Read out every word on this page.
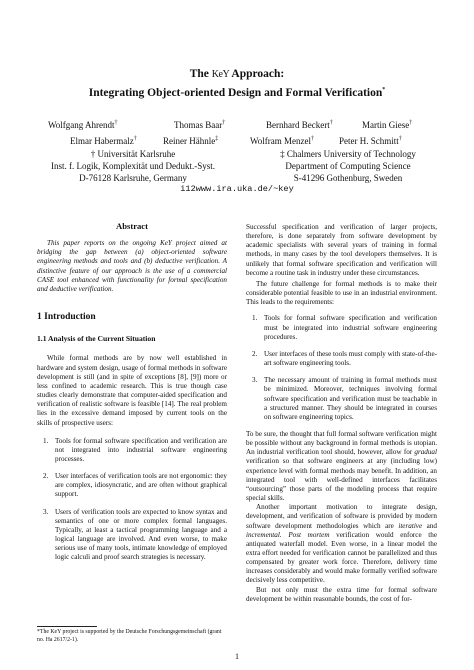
The KeY Approach:
Integrating Object-oriented Design and Formal Verification*
Wolfgang Ahrendt†	Thomas Baar†	Bernhard Beckert†	Martin Giese†
Elmar Habermalz†	Reiner Hähnle‡	Wolfram Menzel†	Peter H. Schmitt†
† Universität Karlsruhe
Inst. f. Logik, Komplexität und Dedukt.-Syst.
D-76128 Karlsruhe, Germany
‡ Chalmers University of Technology
Department of Computing Science
S-41296 Gothenburg, Sweden
i12www.ira.uka.de/~key
Abstract

This paper reports on the ongoing KeY project aimed at bridging the gap between (a) object-oriented software engineering methods and tools and (b) deductive verification. A distinctive feature of our approach is the use of a commercial CASE tool enhanced with functionality for formal specification and deductive verification.

1 Introduction
1.1 Analysis of the Current Situation

While formal methods are by now well established in hardware and system design, usage of formal methods in software development is still (and in spite of exceptions [8], [9]) more or less confined to academic research. This is true though case studies clearly demonstrate that computer-aided specification and verification of realistic software is feasible [14]. The real problem lies in the excessive demand imposed by current tools on the skills of prospective users:

1. Tools for formal software specification and verification are not integrated into industrial software engineering processes.
2. User interfaces of verification tools are not ergonomic: they are complex, idiosyncratic, and are often without graphical support.
3. Users of verification tools are expected to know syntax and semantics of one or more complex formal languages. Typically, at least a tactical programming language and a logical language are involved. And even worse, to make serious use of many tools, intimate knowledge of employed logic calculi and proof search strategies is necessary.
*The KeY project is supported by the Deutsche Forschungsgemeinschaft (grant no. Ha 2617/2-1).

Successful specification and verification of larger projects, therefore, is done separately from software development by academic specialists with several years of training in formal methods, in many cases by the tool developers themselves. It is unlikely that formal software specification and verification will become a routine task in industry under these circumstances.

The future challenge for formal methods is to make their considerable potential feasible to use in an industrial environment. This leads to the requirements:

1. Tools for formal software specification and verification must be integrated into industrial software engineering procedures.
2. User interfaces of these tools must comply with state-of-the-art software engineering tools.
3. The necessary amount of training in formal methods must be minimized. Moreover, techniques involving formal software specification and verification must be teachable in a structured manner. They should be integrated in courses on software engineering topics.

To be sure, the thought that full formal software verification might be possible without any background in formal methods is utopian. An industrial verification tool should, however, allow for gradual verification so that software engineers at any (including low) experience level with formal methods may benefit. In addition, an integrated tool with well-defined interfaces facilitates “outsourcing” those parts of the modeling process that require special skills.

Another important motivation to integrate design, development, and verification of software is provided by modern software development methodologies which are iterative and incremental. Post mortem verification would enforce the antiquated waterfall model. Even worse, in a linear model the extra effort needed for verification cannot be parallelized and thus compensated by greater work force. Therefore, delivery time increases considerably and would make formally verified software decisively less competitive.

But not only must the extra time for formal software development be within reasonable bounds, the cost of for-

1
